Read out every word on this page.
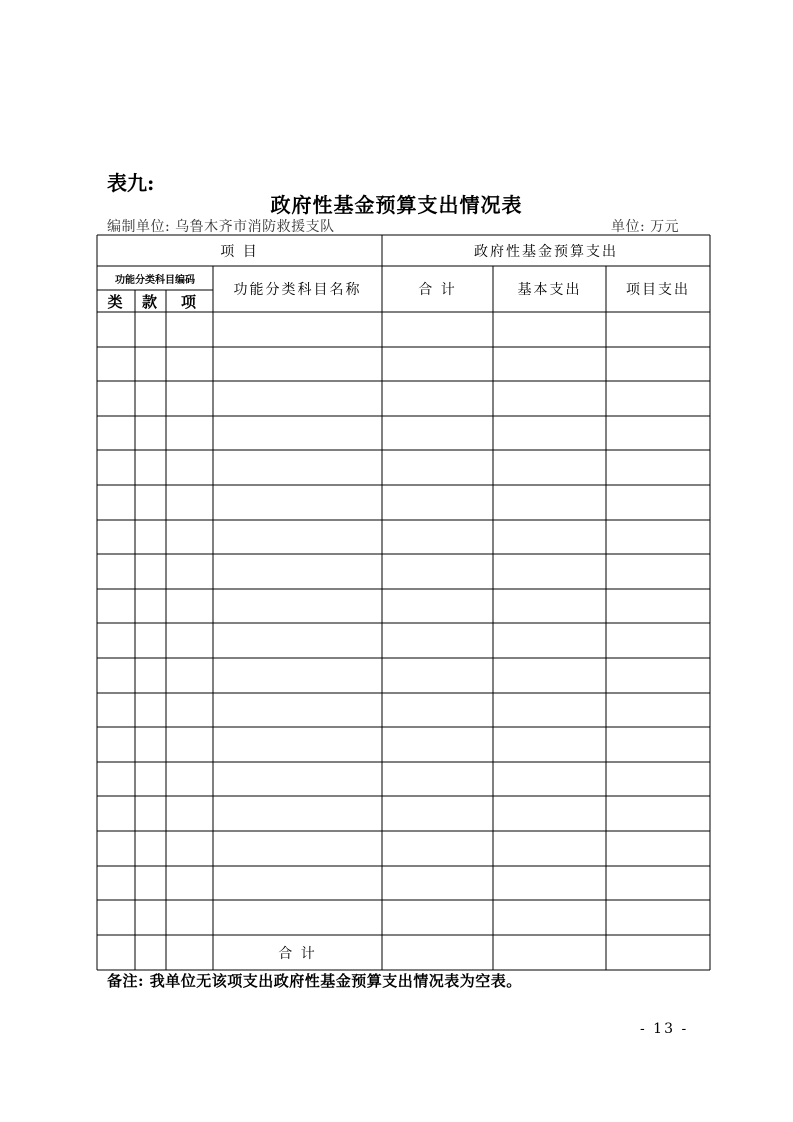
表九:
政府性基金预算支出情况表
编制单位: 乌鲁木齐市消防救援支队	单位: 万元
项 目	政府性基金预算支出
功能分类科目编码
类	款	项
功能分类科目名称	合 计	基本支出	项目支出
合 计
备注: 我单位无该项支出政府性基金预算支出情况表为空表。
- 13 -
